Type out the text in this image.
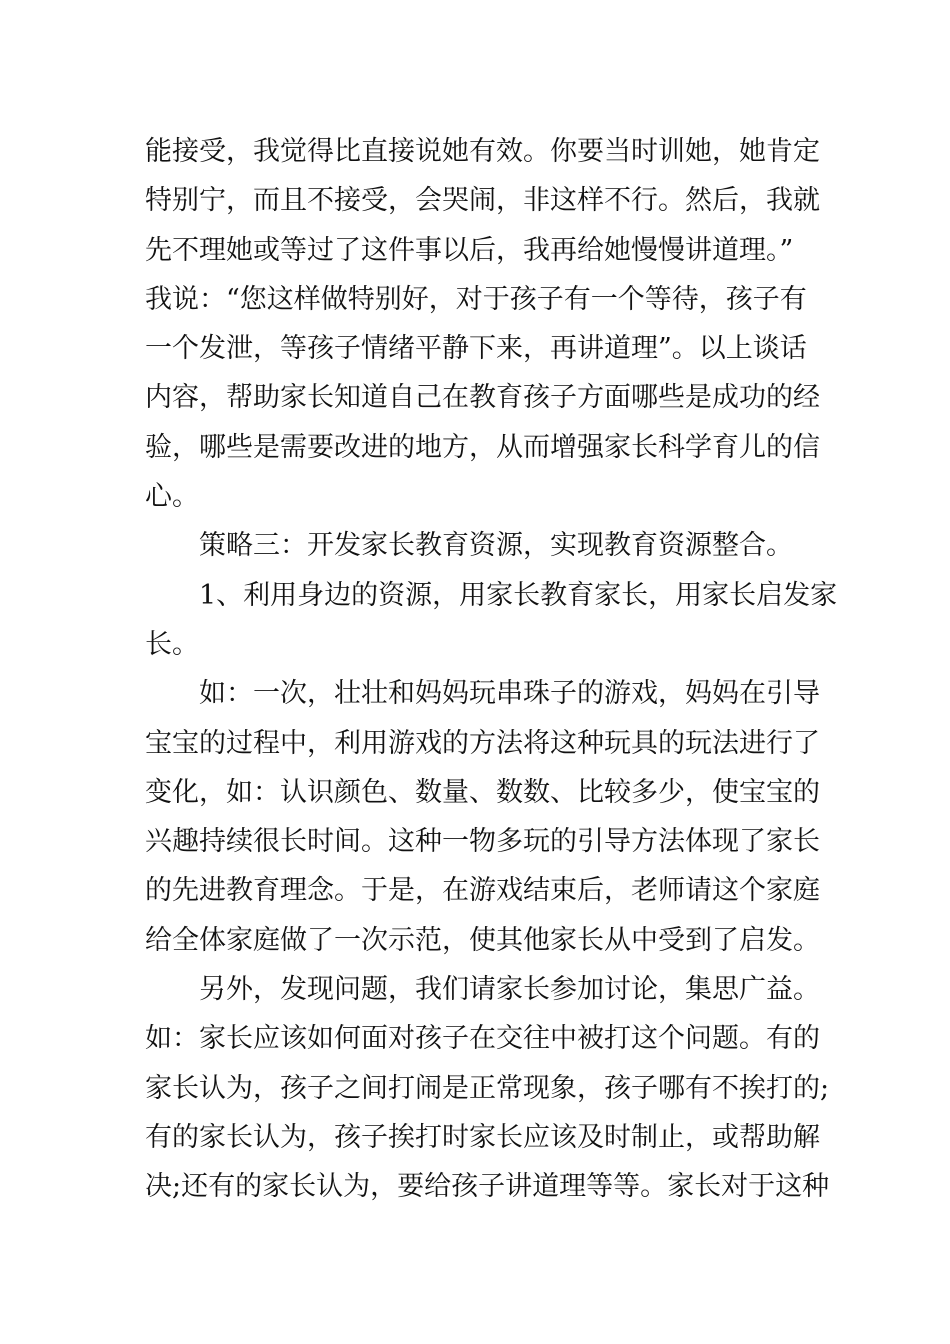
能接受，我觉得比直接说她有效。你要当时训她，她肯定
特别宁，而且不接受，会哭闹，非这样不行。然后，我就
先不理她或等过了这件事以后，我再给她慢慢讲道理。”
我说：“您这样做特别好，对于孩子有一个等待，孩子有
一个发泄，等孩子情绪平静下来，再讲道理”。以上谈话
内容，帮助家长知道自己在教育孩子方面哪些是成功的经
验，哪些是需要改进的地方，从而增强家长科学育儿的信
心。
策略三：开发家长教育资源，实现教育资源整合。
1、利用身边的资源，用家长教育家长，用家长启发家
长。
如：一次，壮壮和妈妈玩串珠子的游戏，妈妈在引导
宝宝的过程中，利用游戏的方法将这种玩具的玩法进行了
变化，如：认识颜色、数量、数数、比较多少，使宝宝的
兴趣持续很长时间。这种一物多玩的引导方法体现了家长
的先进教育理念。于是，在游戏结束后，老师请这个家庭
给全体家庭做了一次示范，使其他家长从中受到了启发。
另外，发现问题，我们请家长参加讨论，集思广益。
如：家长应该如何面对孩子在交往中被打这个问题。有的
家长认为，孩子之间打闹是正常现象，孩子哪有不挨打的;
有的家长认为，孩子挨打时家长应该及时制止，或帮助解
决;还有的家长认为，要给孩子讲道理等等。家长对于这种
